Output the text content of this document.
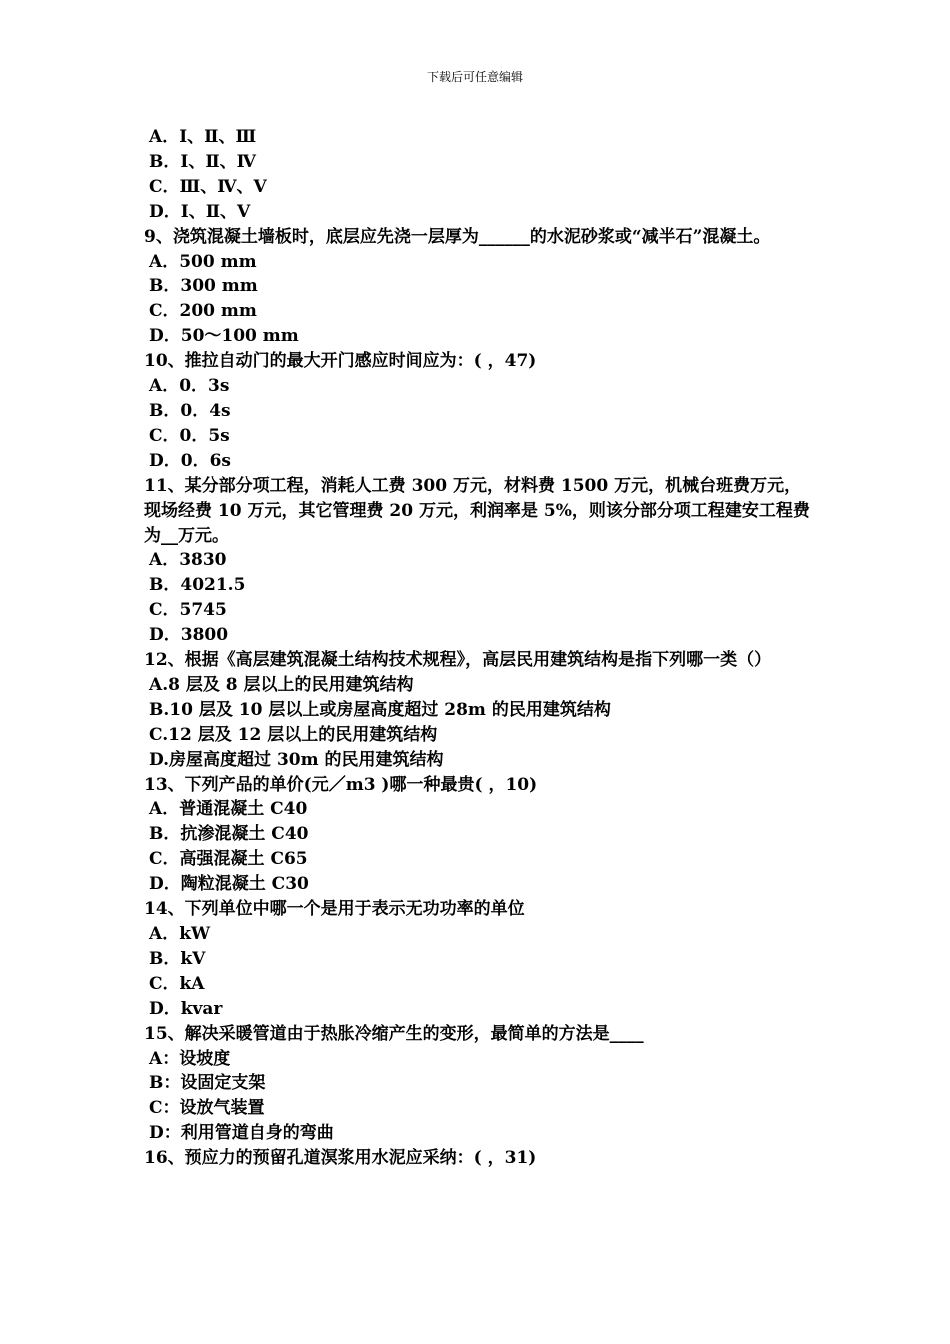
下载后可任意编辑

A．Ⅰ、Ⅱ、Ⅲ

B．Ⅰ、Ⅱ、Ⅳ

C．Ⅲ、Ⅳ、Ⅴ

D．Ⅰ、Ⅱ、Ⅴ

9、浇筑混凝土墙板时，底层应先浇一层厚为______的水泥砂浆或“减半石”混凝土。

A．500 mm

B．300 mm

C．200 mm

D．50～100 mm

10、推拉自动门的最大开门感应时间应为：( ，47)

A．0．3s

B．0．4s

C．0．5s

D．0．6s

11、某分部分项工程，消耗人工费 300 万元，材料费 1500 万元，机械台班费万元，现场经费 10 万元，其它管理费 20 万元，利润率是 5%，则该分部分项工程建安工程费为__万元。

A．3830

B．4021.5

C．5745

D．3800

12、根据《高层建筑混凝土结构技术规程》，高层民用建筑结构是指下列哪一类（）

A.8 层及 8 层以上的民用建筑结构

B.10 层及 10 层以上或房屋高度超过 28m 的民用建筑结构

C.12 层及 12 层以上的民用建筑结构

D.房屋高度超过 30m 的民用建筑结构

13、下列产品的单价(元／m3 )哪一种最贵( ，10)

A．普通混凝土 C40

B．抗渗混凝土 C40

C．高强混凝土 C65

D．陶粒混凝土 C30

14、下列单位中哪一个是用于表示无功功率的单位

A．kW

B．kV

C．kA

D．kvar

15、解决采暖管道由于热胀冷缩产生的变形，最简单的方法是____

A：设坡度

B：设固定支架

C：设放气装置

D：利用管道自身的弯曲

16、预应力的预留孔道溟浆用水泥应采纳：( ，31)
